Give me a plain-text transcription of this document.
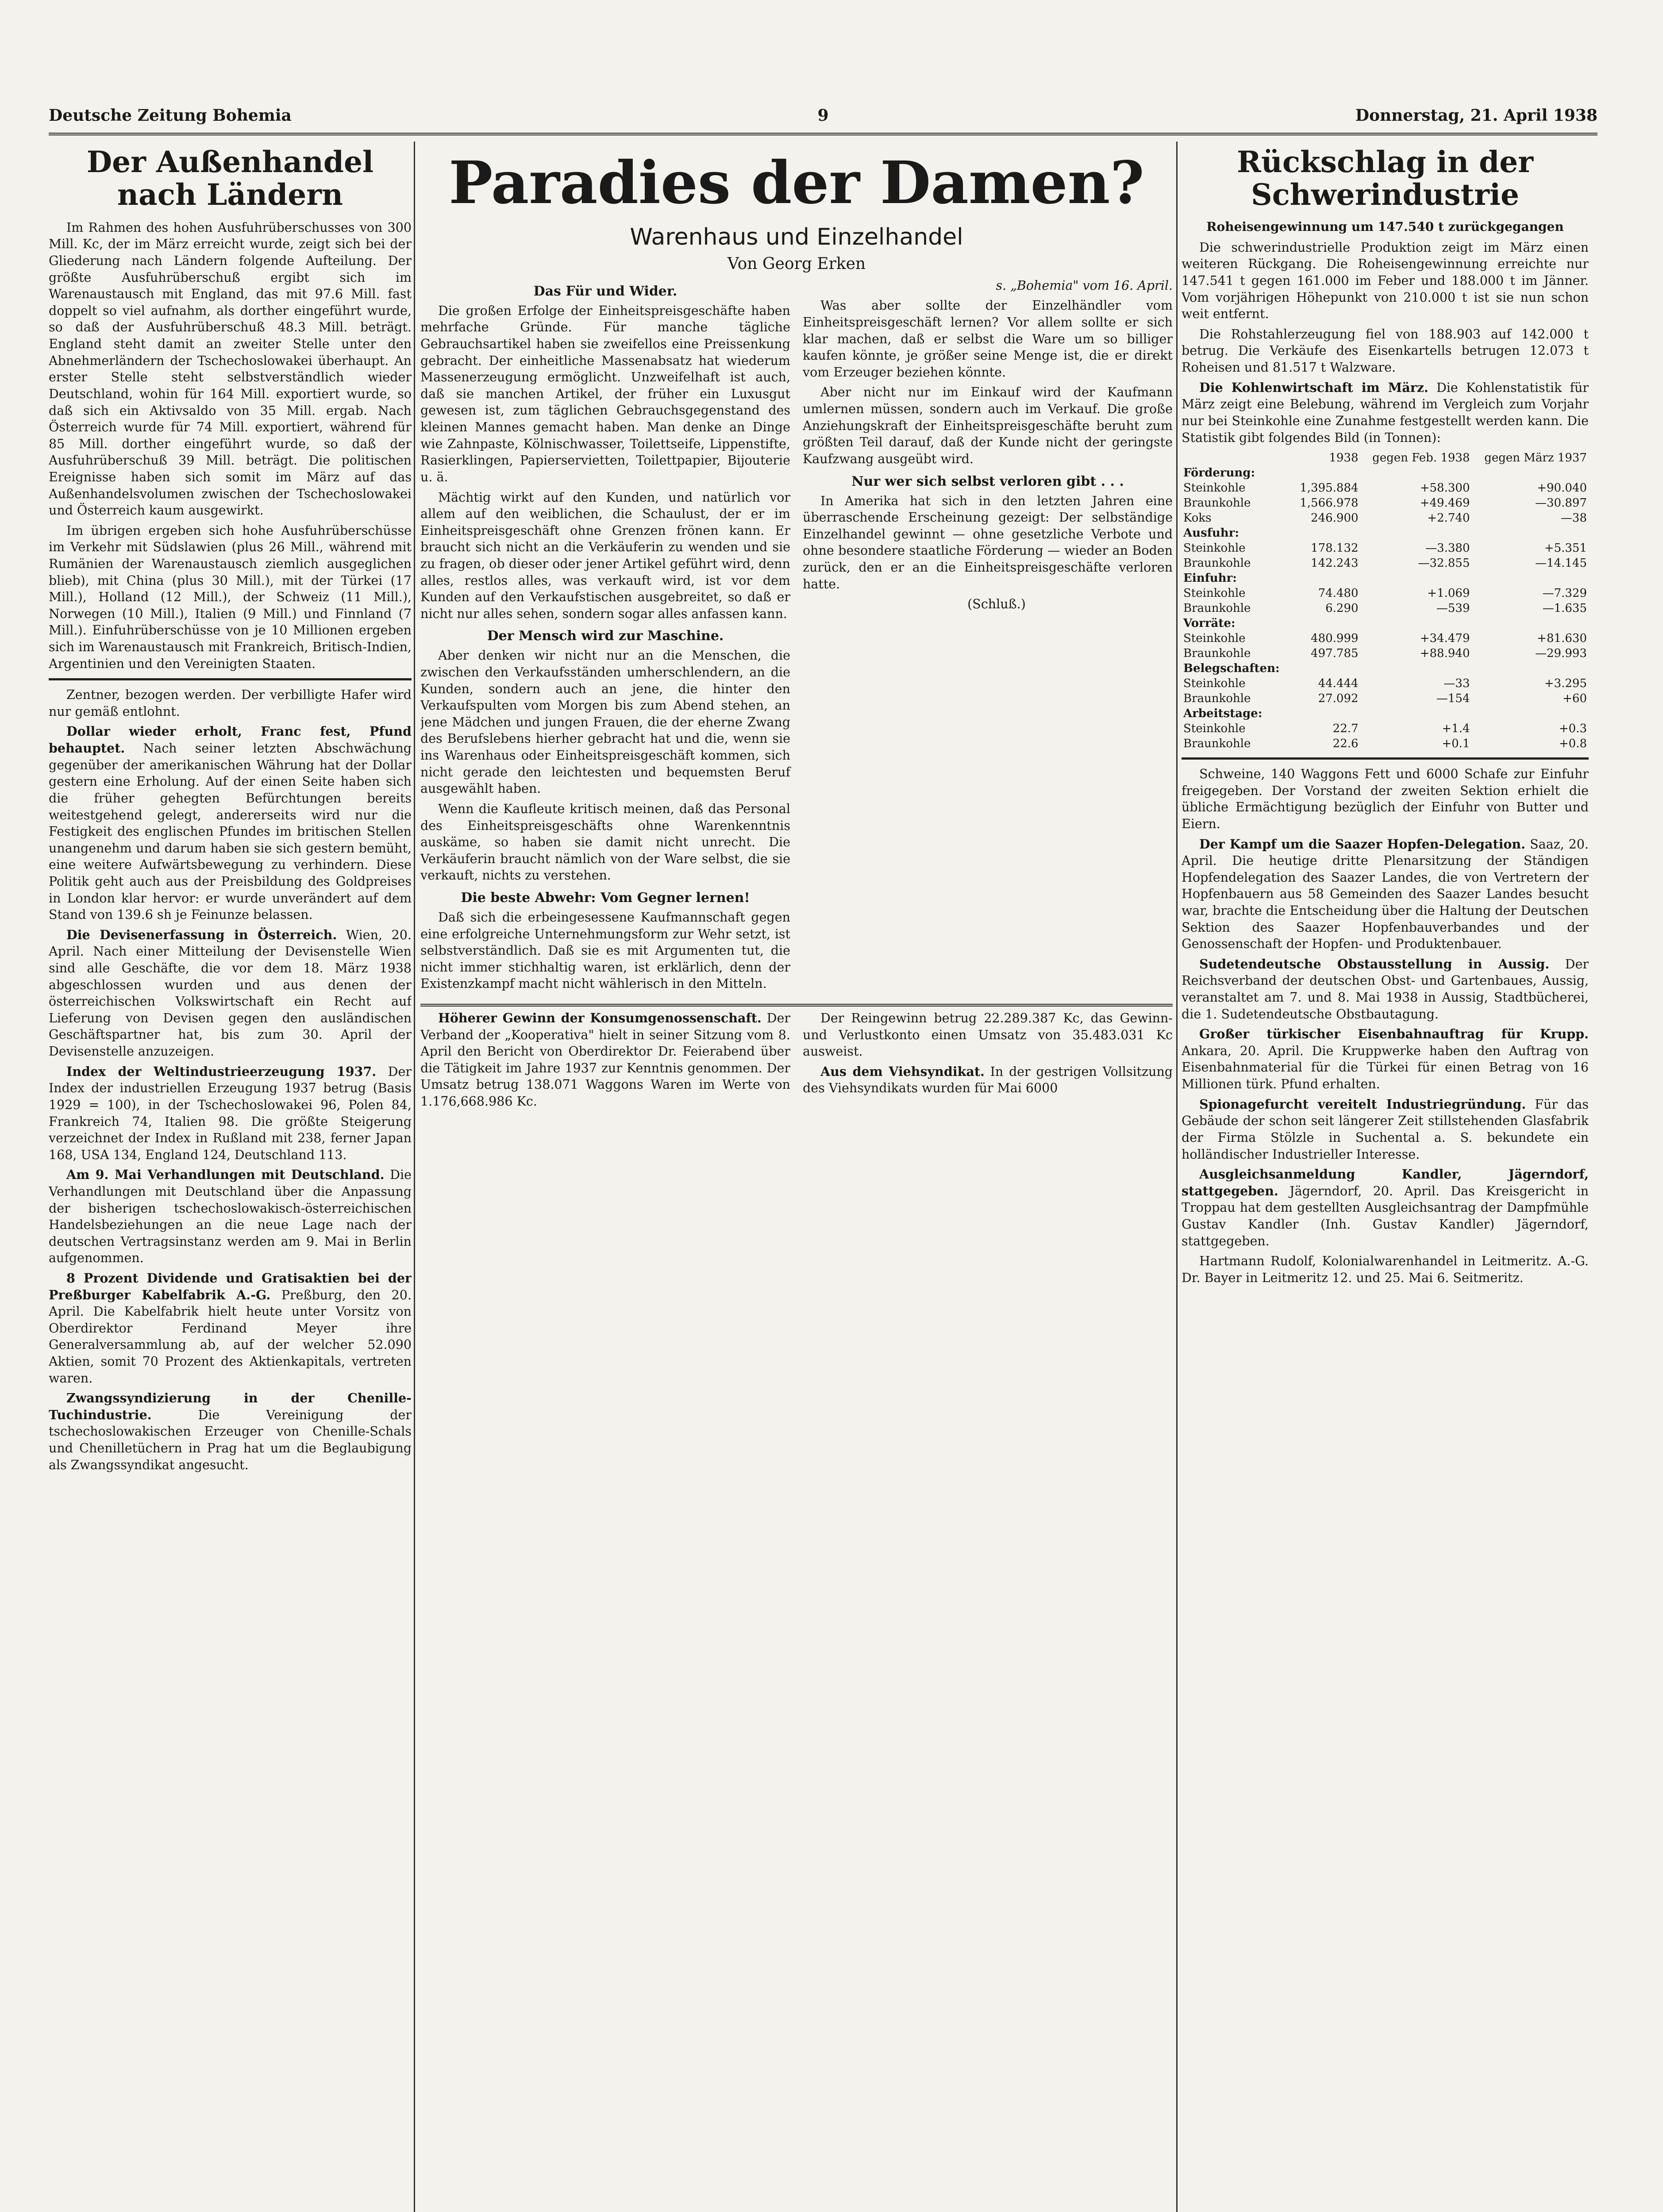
Deutsche Zeitung Bohemia	9	Donnerstag, 21. April 1938
Der Außenhandel nach Ländern

Im Rahmen des hohen Ausfuhrüberschusses von 300 Mill. Kc, der im März erreicht wurde, zeigt sich bei der Gliederung nach Ländern folgende Aufteilung. Der größte Ausfuhrüberschuß ergibt sich im Warenaustausch mit England, das mit 97.6 Mill. fast doppelt so viel aufnahm, als dorther eingeführt wurde, so daß der Ausfuhrüberschuß 48.3 Mill. beträgt. England steht damit an zweiter Stelle unter den Abnehmerländern der Tschechoslowakei überhaupt. An erster Stelle steht selbstverständlich wieder Deutschland, wohin für 164 Mill. exportiert wurde, so daß sich ein Aktivsaldo von 35 Mill. ergab. Nach Österreich wurde für 74 Mill. exportiert, während für 85 Mill. dorther eingeführt wurde, so daß der Ausfuhrüberschuß 39 Mill. beträgt. Die politischen Ereignisse haben sich somit im März auf das Außenhandelsvolumen zwischen der Tschechoslowakei und Österreich kaum ausgewirkt.

Im übrigen ergeben sich hohe Ausfuhrüberschüsse im Verkehr mit Südslawien (plus 26 Mill., während mit Rumänien der Warenaustausch ziemlich ausgeglichen blieb), mit China (plus 30 Mill.), mit der Türkei (17 Mill.), Holland (12 Mill.), der Schweiz (11 Mill.), Norwegen (10 Mill.), Italien (9 Mill.) und Finnland (7 Mill.). Einfuhrüberschüsse von je 10 Millionen ergeben sich im Warenaustausch mit Frankreich, Britisch-Indien, Argentinien und den Vereinigten Staaten.

Zentner, bezogen werden. Der verbilligte Hafer wird nur gemäß entlohnt.

Dollar wieder erholt, Franc fest, Pfund behauptet. Nach seiner letzten Abschwächung gegenüber der amerikanischen Währung hat der Dollar gestern eine Erholung. Auf der einen Seite haben sich die früher gehegten Befürchtungen bereits weitestgehend gelegt, andererseits wird nur die Festigkeit des englischen Pfundes im britischen Stellen unangenehm und darum haben sie sich gestern bemüht, eine weitere Aufwärtsbewegung zu verhindern. Diese Politik geht auch aus der Preisbildung des Goldpreises in London klar hervor: er wurde unverändert auf dem Stand von 139.6 sh je Feinunze belassen.

Die Devisenerfassung in Österreich. Wien, 20. April. Nach einer Mitteilung der Devisenstelle Wien sind alle Geschäfte, die vor dem 18. März 1938 abgeschlossen wurden und aus denen der österreichischen Volkswirtschaft ein Recht auf Lieferung von Devisen gegen den ausländischen Geschäftspartner hat, bis zum 30. April der Devisenstelle anzuzeigen.

Index der Weltindustrieerzeugung 1937. Der Index der industriellen Erzeugung 1937 betrug (Basis 1929 = 100), in der Tschechoslowakei 96, Polen 84, Frankreich 74, Italien 98. Die größte Steigerung verzeichnet der Index in Rußland mit 238, ferner Japan 168, USA 134, England 124, Deutschland 113.

Am 9. Mai Verhandlungen mit Deutschland. Die Verhandlungen mit Deutschland über die Anpassung der bisherigen tschechoslowakisch-österreichischen Handelsbeziehungen an die neue Lage nach der deutschen Vertragsinstanz werden am 9. Mai in Berlin aufgenommen.

8 Prozent Dividende und Gratisaktien bei der Preßburger Kabelfabrik A.-G. Preßburg, den 20. April. Die Kabelfabrik hielt heute unter Vorsitz von Oberdirektor Ferdinand Meyer ihre Generalversammlung ab, auf der welcher 52.090 Aktien, somit 70 Prozent des Aktienkapitals, vertreten waren.

Zwangssyndizierung in der Chenille-Tuchindustrie.	Die Vereinigung der tschechoslowakischen Erzeuger von Chenille-Schals und Chenilletüchern in Prag hat um die Beglaubigung als Zwangssyndikat angesucht.

Paradies der Damen?
Warenhaus und Einzelhandel
Von Georg Erken
Das Für und Wider.

Die großen Erfolge der Einheitspreisgeschäfte haben mehrfache Gründe. Für manche tägliche Gebrauchsartikel haben sie zweifellos eine Preissenkung gebracht. Der einheitliche Massenabsatz hat wiederum Massenerzeugung ermöglicht. Unzweifelhaft ist auch, daß sie manchen Artikel, der früher ein Luxusgut gewesen ist, zum täglichen Gebrauchsgegenstand des kleinen Mannes gemacht haben. Man denke an Dinge wie Zahnpaste, Kölnischwasser, Toilettseife, Lippenstifte, Rasierklingen, Papierservietten, Toilettpapier, Bijouterie u. ä.

Mächtig wirkt auf den Kunden, und natürlich vor allem auf den weiblichen, die Schaulust, der er im Einheitspreisgeschäft ohne Grenzen frönen kann. Er braucht sich nicht an die Verkäuferin zu wenden und sie zu fragen, ob dieser oder jener Artikel geführt wird, denn alles, restlos alles, was verkauft wird, ist vor dem Kunden auf den Verkaufstischen ausgebreitet, so daß er nicht nur alles sehen, sondern sogar alles anfassen kann.

Der Mensch wird zur Maschine.

Aber denken wir nicht nur an die Menschen, die zwischen den Verkaufsständen umherschlendern, an die Kunden, sondern auch an jene, die hinter den Verkaufspulten vom Morgen bis zum Abend stehen, an jene Mädchen und jungen Frauen, die der eherne Zwang des Berufslebens hierher gebracht hat und die, wenn sie ins Warenhaus oder Einheitspreisgeschäft kommen, sich nicht gerade den leichtesten und bequemsten Beruf ausgewählt haben.

Wenn die Kaufleute kritisch meinen, daß das Personal des Einheitspreisgeschäfts ohne Warenkenntnis auskäme, so haben sie damit nicht unrecht. Die Verkäuferin braucht nämlich von der Ware selbst, die sie verkauft, nichts zu verstehen.

Die beste Abwehr: Vom Gegner lernen!

Daß sich die erbeingesessene Kaufmannschaft gegen eine erfolgreiche Unternehmungsform zur Wehr setzt, ist selbstverständlich. Daß sie es mit Argumenten tut, die nicht immer stichhaltig waren, ist erklärlich, denn der Existenzkampf macht nicht wählerisch in den Mitteln.

s. „Bohemia" vom 16. April.

Was aber sollte der Einzelhändler vom Einheitspreisgeschäft lernen? Vor allem sollte er sich klar machen, daß er selbst die Ware um so billiger kaufen könnte, je größer seine Menge ist, die er direkt vom Erzeuger beziehen könnte.

Aber nicht nur im Einkauf wird der Kaufmann umlernen müssen, sondern auch im Verkauf. Die große Anziehungskraft der Einheitspreisgeschäfte beruht zum größten Teil darauf, daß der Kunde nicht der geringste Kaufzwang ausgeübt wird.

Nur wer sich selbst verloren gibt . . .

In Amerika hat sich in den letzten Jahren eine überraschende Erscheinung gezeigt: Der selbständige Einzelhandel gewinnt — ohne gesetzliche Verbote und ohne besondere staatliche Förderung — wieder an Boden zurück, den er an die Einheitspreisgeschäfte verloren hatte.

(Schluß.)

Höherer Gewinn der Konsumgenossenschaft. Der Verband der „Kooperativa" hielt in seiner Sitzung vom 8. April den Bericht von Oberdirektor Dr. Feierabend über die Tätigkeit im Jahre 1937 zur Kenntnis genommen. Der Umsatz betrug 138.071 Waggons Waren im Werte von 1.176,668.986 Kc.

Der Reingewinn betrug 22.289.387 Kc, das Gewinn- und Verlustkonto einen Umsatz von 35.483.031 Kc ausweist.

Aus dem Viehsyndikat. In der gestrigen Vollsitzung des Viehsyndikats wurden für Mai 6000

Rückschlag in der Schwerindustrie
Roheisengewinnung um 147.540 t zurückgegangen

Die schwerindustrielle Produktion zeigt im März einen weiteren Rückgang. Die Roheisengewinnung erreichte nur 147.541 t gegen 161.000 im Feber und 188.000 t im Jänner. Vom vorjährigen Höhepunkt von 210.000 t ist sie nun schon weit entfernt.

Die Rohstahlerzeugung fiel von 188.903 auf 142.000 t betrug. Die Verkäufe des Eisenkartells betrugen 12.073 t Roheisen und 81.517 t Walzware.

Die Kohlenwirtschaft im März. Die Kohlenstatistik für März zeigt eine Belebung, während im Vergleich zum Vorjahr nur bei Steinkohle eine Zunahme festgestellt werden kann. Die Statistik gibt folgendes Bild (in Tonnen):

	1938	gegen Feb. 1938	gegen März 1937
Förderung:			
Steinkohle	1,395.884	+58.300	+90.040
Braunkohle	1,566.978	+49.469	—30.897
Koks	246.900	+2.740	—38
Ausfuhr:			
Steinkohle	178.132	—3.380	+5.351
Braunkohle	142.243	—32.855	—14.145
Einfuhr:			
Steinkohle	74.480	+1.069	—7.329
Braunkohle	6.290	—539	—1.635
Vorräte:			
Steinkohle	480.999	+34.479	+81.630
Braunkohle	497.785	+88.940	—29.993
Belegschaften:			
Steinkohle	44.444	—33	+3.295
Braunkohle	27.092	—154	+60
Arbeitstage:			
Steinkohle	22.7	+1.4	+0.3
Braunkohle	22.6	+0.1	+0.8

Schweine, 140 Waggons Fett und 6000 Schafe zur Einfuhr freigegeben. Der Vorstand der zweiten Sektion erhielt die übliche Ermächtigung bezüglich der Einfuhr von Butter und Eiern.

Der Kampf um die Saazer Hopfen-Delegation. Saaz, 20. April. Die heutige dritte Plenarsitzung der Ständigen Hopfendelegation des Saazer Landes, die von Vertretern der Hopfenbauern aus 58 Gemeinden des Saazer Landes besucht war, brachte die Entscheidung über die Haltung der Deutschen Sektion des Saazer Hopfenbauverbandes und der Genossenschaft der Hopfen- und Produktenbauer.

Sudetendeutsche Obstausstellung in Aussig. Der Reichsverband der deutschen Obst- und Gartenbaues, Aussig, veranstaltet am 7. und 8. Mai 1938 in Aussig, Stadtbücherei, die 1. Sudetendeutsche Obstbautagung.

Großer türkischer Eisenbahnauftrag für Krupp. Ankara, 20. April. Die Kruppwerke haben den Auftrag von Eisenbahnmaterial für die Türkei für einen Betrag von 16 Millionen türk. Pfund erhalten.

Spionagefurcht vereitelt Industriegründung. Für das Gebäude der schon seit längerer Zeit stillstehenden Glasfabrik der Firma Stölzle in Suchental a. S. bekundete ein holländischer Industrieller Interesse.

Ausgleichsanmeldung Kandler, Jägerndorf, stattgegeben. Jägerndorf, 20. April. Das Kreisgericht in Troppau hat dem gestellten Ausgleichsantrag der Dampfmühle Gustav Kandler (Inh. Gustav Kandler) Jägerndorf, stattgegeben.

Hartmann Rudolf, Kolonialwarenhandel in Leitmeritz. A.-G. Dr. Bayer in Leitmeritz 12. und 25. Mai 6. Seitmeritz.
